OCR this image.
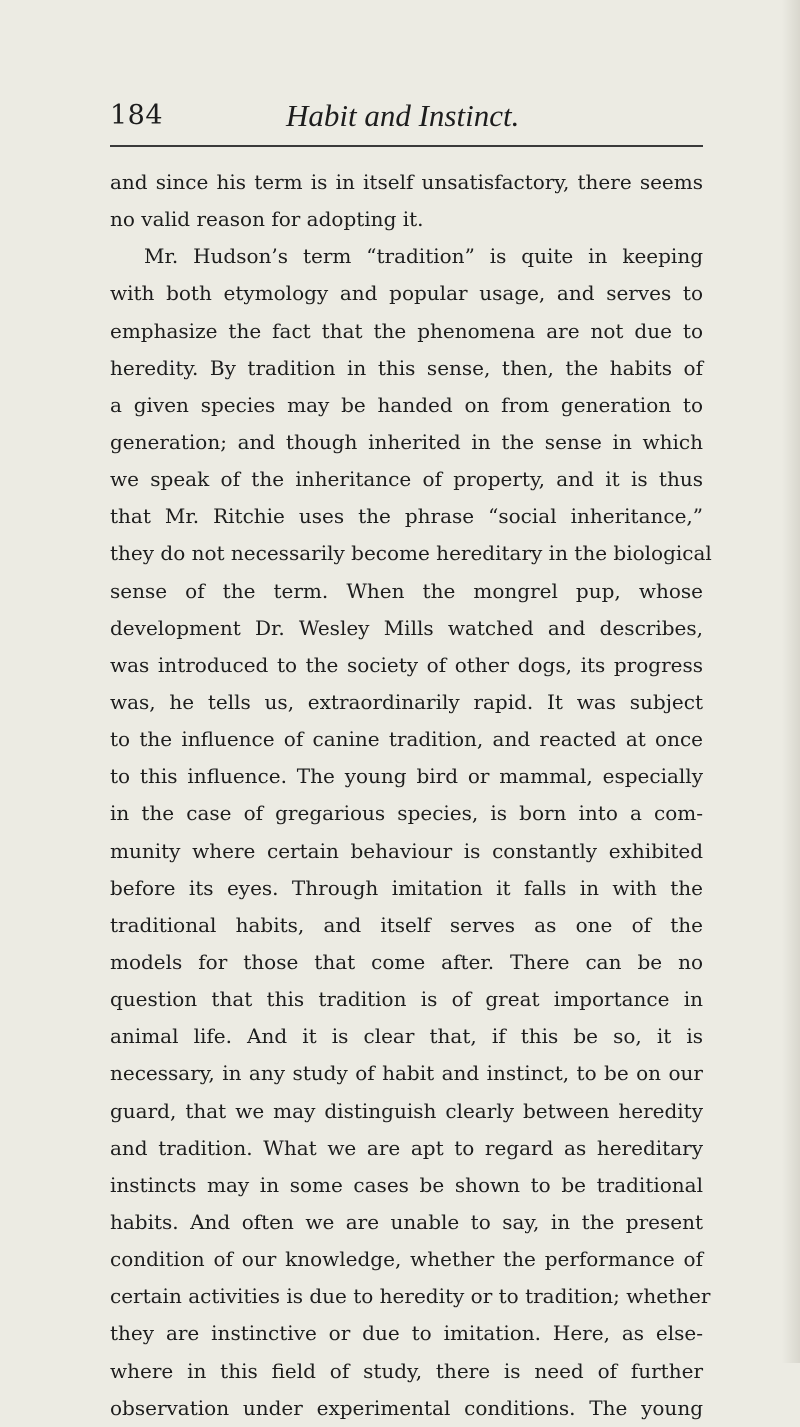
184	Habit and Instinct.
and since his term is in itself unsatisfactory, there seems
no valid reason for adopting it.
Mr. Hudson’s term “tradition” is quite in keeping
with both etymology and popular usage, and serves to
emphasize the fact that the phenomena are not due to
heredity. By tradition in this sense, then, the habits of
a given species may be handed on from generation to
generation; and though inherited in the sense in which
we speak of the inheritance of property, and it is thus
that Mr. Ritchie uses the phrase “social inheritance,”
they do not necessarily become hereditary in the biological
sense of the term. When the mongrel pup, whose
development Dr. Wesley Mills watched and describes,
was introduced to the society of other dogs, its progress
was, he tells us, extraordinarily rapid. It was subject
to the influence of canine tradition, and reacted at once
to this influence. The young bird or mammal, especially
in the case of gregarious species, is born into a com-
munity where certain behaviour is constantly exhibited
before its eyes. Through imitation it falls in with the
traditional habits, and itself serves as one of the
models for those that come after. There can be no
question that this tradition is of great importance in
animal life. And it is clear that, if this be so, it is
necessary, in any study of habit and instinct, to be on our
guard, that we may distinguish clearly between heredity
and tradition. What we are apt to regard as hereditary
instincts may in some cases be shown to be traditional
habits. And often we are unable to say, in the present
condition of our knowledge, whether the performance of
certain activities is due to heredity or to tradition; whether
they are instinctive or due to imitation. Here, as else-
where in this field of study, there is need of further
observation under experimental conditions. The young
